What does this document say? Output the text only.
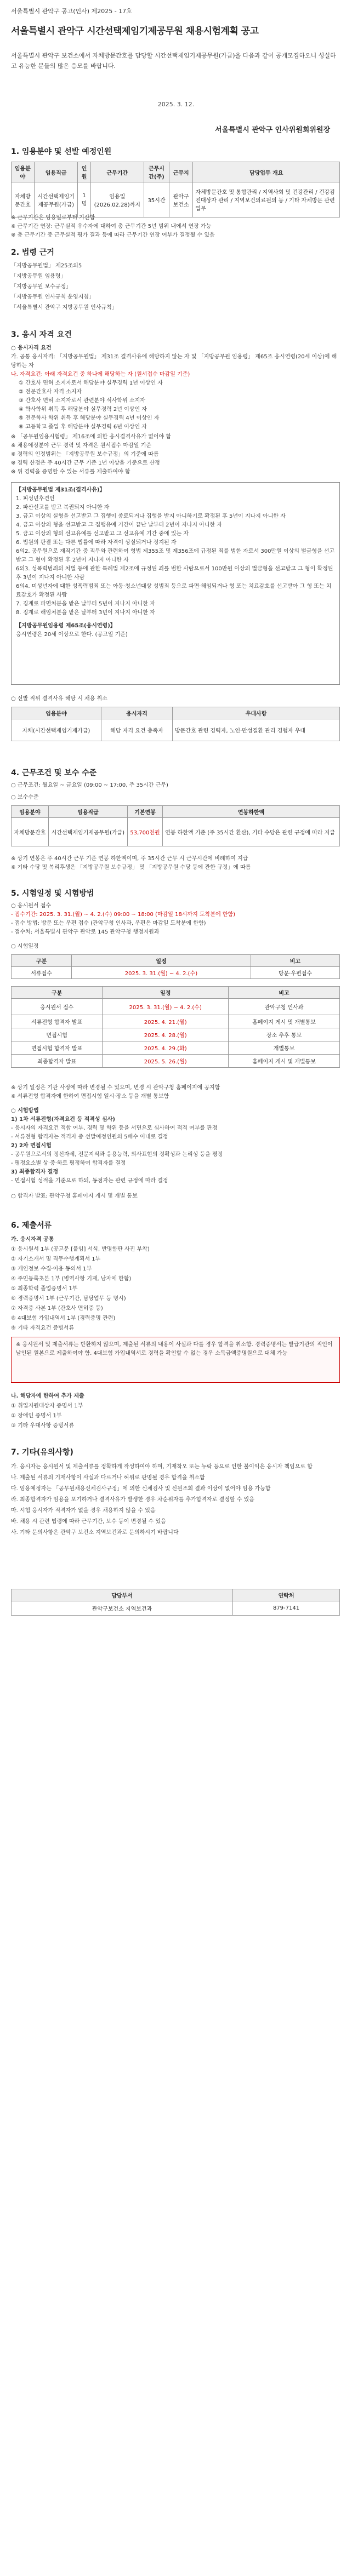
서울특별시 관악구 공고(인사) 제2025 - 17호
서울특별시 관악구 시간선택제임기제공무원 채용시험계획 공고
서울특별시 관악구 보건소에서 자체방문간호를 담당할 시간선택제임기제공무원(가급)을 다음과 같이 공개모집하오니 성실하고 유능한 분들의 많은 응모를 바랍니다.
2025. 3. 12.
서울특별시 관악구 인사위원회위원장
1. 임용분야 및 선발 예정인원
임용분야	임용직급	인원	근무기간	근무시간(주)	근무지	담당업무 개요
자체방문간호	시간선택제임기제공무원(가급)	1명	임용일(2026.02.28)까지	35시간	관악구 보건소	자체방문간호 및 통합관리 / 지역사회 및 건강관리 / 건강검진대상자 관리 / 지역보건의료원의 등 / 기타 자체방문 관련 업무
※ 근무기간은 임용일로부터 기산함
※ 근무기간 연장: 근무실적 우수자에 대하여 총 근무기간 5년 범위 내에서 연장 가능
※ 총 근무기간 중 근무실적 평가 결과 등에 따라 근무기간 연장 여부가 결정될 수 있음
2. 법령 근거
「지방공무원법」 제25조의5
「지방공무원 임용령」
「지방공무원 보수규정」
「지방공무원 인사규칙 운영지침」
「서울특별시 관악구 지방공무원 인사규칙」
3. 응시 자격 요건
○ 응시자격 요건
가. 공통 응시자격: 「지방공무원법」 제31조 결격사유에 해당하지 않는 자 및 「지방공무원 임용령」 제65조 응시연령(20세 이상)에 해당하는 자
나. 자격요건: 아래 자격요건 중 하나에 해당하는 자 (원서접수 마감일 기준)
① 간호사 면허 소지자로서 해당분야 실무경력 1년 이상인 자
② 전문간호사 자격 소지자
③ 간호사 면허 소지자로서 관련분야 석사학위 소지자
④ 학사학위 취득 후 해당분야 실무경력 2년 이상인 자
⑤ 전문학사 학위 취득 후 해당분야 실무경력 4년 이상인 자
⑥ 고등학교 졸업 후 해당분야 실무경력 6년 이상인 자
※ 「공무원임용시험령」 제16조에 의한 응시결격사유가 없어야 함
※ 채용예정분야 근무 경력 및 자격은 원서접수 마감일 기준
※ 경력의 인정범위는 「지방공무원 보수규정」의 기준에 따름
※ 경력 산정은 주 40시간 근무 기준 1년 이상을 기준으로 산정
※ 위 경력을 증명할 수 있는 서류를 제출하여야 함
【지방공무원법 제31조(결격사유)】
1. 피성년후견인
2. 파산선고를 받고 복권되지 아니한 자
3. 금고 이상의 실형을 선고받고 그 집행이 종료되거나 집행을 받지 아니하기로 확정된 후 5년이 지나지 아니한 자
4. 금고 이상의 형을 선고받고 그 집행유예 기간이 끝난 날부터 2년이 지나지 아니한 자
5. 금고 이상의 형의 선고유예를 선고받고 그 선고유예 기간 중에 있는 자
6. 법원의 판결 또는 다른 법률에 따라 자격이 상실되거나 정지된 자
6의2. 공무원으로 재직기간 중 직무와 관련하여 형법 제355조 및 제356조에 규정된 죄를 범한 자로서 300만원 이상의 벌금형을 선고받고 그 형이 확정된 후 2년이 지나지 아니한 자
6의3. 성폭력범죄의 처벌 등에 관한 특례법 제2조에 규정된 죄를 범한 사람으로서 100만원 이상의 벌금형을 선고받고 그 형이 확정된 후 3년이 지나지 아니한 사람
6의4. 미성년자에 대한 성폭력범죄 또는 아동·청소년대상 성범죄 등으로 파면·해임되거나 형 또는 치료감호를 선고받아 그 형 또는 치료감호가 확정된 사람
7. 징계로 파면처분을 받은 날부터 5년이 지나지 아니한 자
8. 징계로 해임처분을 받은 날부터 3년이 지나지 아니한 자
【지방공무원임용령 제65조(응시연령)】
응시연령은 20세 이상으로 한다. (공고일 기준)
○ 선발 직위 결격사유 해당 시 채용 취소
임용분야	응시자격	우대사항
자체(시간선택제임기제가급)	해당 자격 요건 충족자	방문간호 관련 경력자, 노인·만성질환 관리 경험자 우대
4. 근무조건 및 보수 수준
○ 근무조건: 월요일 ~ 금요일 (09:00 ~ 17:00, 주 35시간 근무)
○ 보수수준
임용분야	임용직급	기본연봉	연봉하한액
자체방문간호	시간선택제임기제공무원(가급)	53,700천원	연봉 하한액 기준 (주 35시간 환산), 기타 수당은 관련 규정에 따라 지급
※ 상기 연봉은 주 40시간 근무 기준 연봉 하한액이며, 주 35시간 근무 시 근무시간에 비례하여 지급
※ 기타 수당 및 복리후생은 「지방공무원 보수규정」 및 「지방공무원 수당 등에 관한 규정」에 따름
5. 시험일정 및 시험방법
○ 응시원서 접수
- 접수기간: 2025. 3. 31.(월) ~ 4. 2.(수) 09:00 ~ 18:00 (마감일 18시까지 도착분에 한함)
- 접수 방법: 방문 또는 우편 접수 (관악구청 인사과, 우편은 마감일 도착분에 한함)
- 접수처: 서울특별시 관악구 관악로 145 관악구청 행정지원과
○ 시험일정
구분	일정	비고
서류접수	2025. 3. 31.(월) ~ 4. 2.(수)	방문·우편접수
구분	일정	비고
응시원서 접수	2025. 3. 31.(월) ~ 4. 2.(수)	관악구청 인사과
서류전형 합격자 발표	2025. 4. 21.(월)	홈페이지 게시 및 개별통보
면접시험	2025. 4. 28.(월)	장소 추후 통보
면접시험 합격자 발표	2025. 4. 29.(화)	개별통보
최종합격자 발표	2025. 5. 26.(월)	홈페이지 게시 및 개별통보
※ 상기 일정은 기관 사정에 따라 변경될 수 있으며, 변경 시 관악구청 홈페이지에 공지함
※ 서류전형 합격자에 한하여 면접시험 일시·장소 등을 개별 통보함
○ 시험방법
1) 1차 서류전형(자격요건 등 적격성 심사)
- 응시자의 자격요건 적합 여부, 경력 및 학위 등을 서면으로 심사하여 적격 여부를 판정
- 서류전형 합격자는 적격자 중 선발예정인원의 5배수 이내로 결정
2) 2차 면접시험
- 공무원으로서의 정신자세, 전문지식과 응용능력, 의사표현의 정확성과 논리성 등을 평정
- 평정요소별 상·중·하로 평정하여 합격자를 결정
3) 최종합격자 결정
- 면접시험 성적을 기준으로 하되, 동점자는 관련 규정에 따라 결정
○ 합격자 발표: 관악구청 홈페이지 게시 및 개별 통보
6. 제출서류
가. 응시자격 공통
① 응시원서 1부 (공고문 [붙임] 서식, 반명함판 사진 부착)
② 자기소개서 및 직무수행계획서 1부
③ 개인정보 수집·이용 동의서 1부
④ 주민등록초본 1부 (병역사항 기재, 남자에 한함)
⑤ 최종학력 졸업증명서 1부
⑥ 경력증명서 1부 (근무기간, 담당업무 등 명시)
⑦ 자격증 사본 1부 (간호사 면허증 등)
⑧ 4대보험 가입내역서 1부 (경력증명 관련)
⑨ 기타 자격요건 증빙서류
※ 응시원서 및 제출서류는 반환하지 않으며, 제출된 서류의 내용이 사실과 다를 경우 합격을 취소함. 경력증명서는 발급기관의 직인이 날인된 원본으로 제출하여야 함. 4대보험 가입내역서로 경력을 확인할 수 없는 경우 소득금액증명원으로 대체 가능
나. 해당자에 한하여 추가 제출
① 취업지원대상자 증명서 1부
② 장애인 증명서 1부
③ 기타 우대사항 증빙서류
7. 기타(유의사항)
가. 응시자는 응시원서 및 제출서류를 정확하게 작성하여야 하며, 기재착오 또는 누락 등으로 인한 불이익은 응시자 책임으로 함
나. 제출된 서류의 기재사항이 사실과 다르거나 허위로 판명될 경우 합격을 취소함
다. 임용예정자는 「공무원채용신체검사규정」에 의한 신체검사 및 신원조회 결과 이상이 없어야 임용 가능함
라. 최종합격자가 임용을 포기하거나 결격사유가 발생한 경우 차순위자를 추가합격자로 결정할 수 있음
마. 시험 응시자가 적격자가 없을 경우 채용하지 않을 수 있음
바. 채용 시 관련 법령에 따라 근무기간, 보수 등이 변경될 수 있음
사. 기타 문의사항은 관악구 보건소 지역보건과로 문의하시기 바랍니다
담당부서	연락처
관악구보건소 지역보건과	879-7141
